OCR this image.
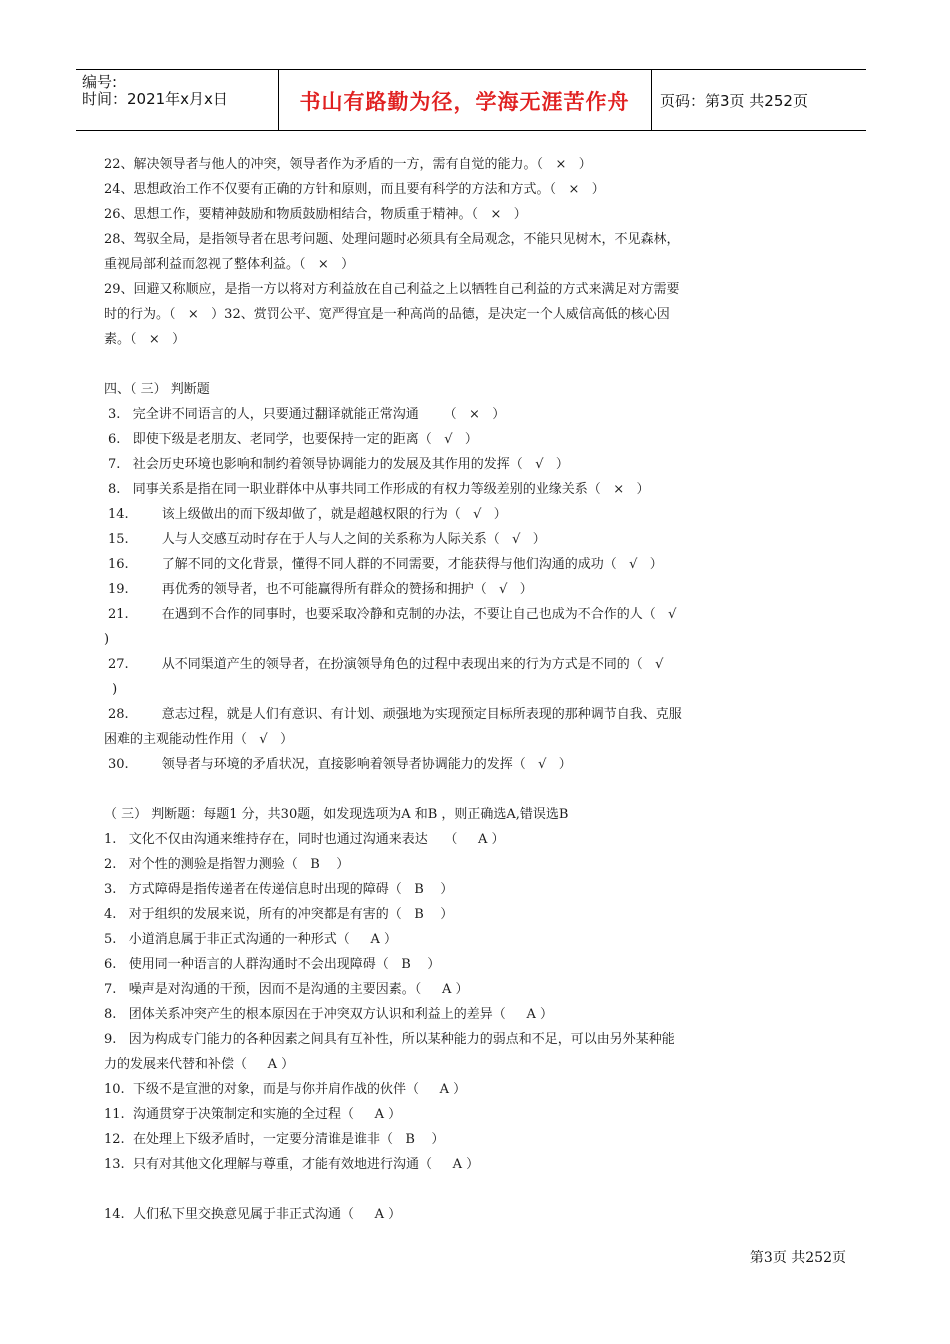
编号:
时间：2021年x月x日	书山有路勤为径，学海无涯苦作舟	页码：第3页 共252页
22、解决领导者与他人的冲突，领导者作为矛盾的一方，需有自觉的能力。（   ×   ）
24、思想政治工作不仅要有正确的方针和原则，而且要有科学的方法和方式。（   ×   ）
26、思想工作，要精神鼓励和物质鼓励相结合，物质重于精神。（   ×   ）
28、驾驭全局，是指领导者在思考问题、处理问题时必须具有全局观念，不能只见树木，不见森林，
重视局部利益而忽视了整体利益。（   ×   ）
29、回避又称顺应，是指一方以将对方利益放在自己利益之上以牺牲自己利益的方式来满足对方需要
时的行为。（   ×   ）32、赏罚公平、宽严得宜是一种高尚的品德，是决定一个人威信高低的核心因
素。（   ×   ）
四、（ 三） 判断题
3.   完全讲不同语言的人，只要通过翻译就能正常沟通      （   ×   ）
6.   即使下级是老朋友、老同学，也要保持一定的距离（   √   ）
7.   社会历史环境也影响和制约着领导协调能力的发展及其作用的发挥（   √   ）
8.   同事关系是指在同一职业群体中从事共同工作形成的有权力等级差别的业缘关系（   ×   ）
14.        该上级做出的而下级却做了，就是超越权限的行为（   √   ）
15.        人与人交感互动时存在于人与人之间的关系称为人际关系（   √   ）
16.        了解不同的文化背景，懂得不同人群的不同需要，才能获得与他们沟通的成功（   √   ）
19.        再优秀的领导者，也不可能赢得所有群众的赞扬和拥护（   √   ）
21.        在遇到不合作的同事时，也要采取冷静和克制的办法，不要让自己也成为不合作的人（   √
)
27.        从不同渠道产生的领导者，在扮演领导角色的过程中表现出来的行为方式是不同的（   √
)
28.        意志过程，就是人们有意识、有计划、顽强地为实现预定目标所表现的那种调节自我、克服
困难的主观能动性作用（   √   ）
30.        领导者与环境的矛盾状况，直接影响着领导者协调能力的发挥（   √   ）
（ 三） 判断题：每题1 分，共30题，如发现选项为A 和B ，则正确选A,错误选B
1.   文化不仅由沟通来维持存在，同时也通过沟通来表达    （     A ）
2.   对个性的测验是指智力测验（   B    ）
3.   方式障碍是指传递者在传递信息时出现的障碍（   B    ）
4.   对于组织的发展来说，所有的冲突都是有害的（   B    ）
5.   小道消息属于非正式沟通的一种形式（     A ）
6.   使用同一种语言的人群沟通时不会出现障碍（   B    ）
7.   噪声是对沟通的干预，因而不是沟通的主要因素。（     A ）
8.   团体关系冲突产生的根本原因在于冲突双方认识和利益上的差异（     A ）
9.   因为构成专门能力的各种因素之间具有互补性，所以某种能力的弱点和不足，可以由另外某种能
力的发展来代替和补偿（     A ）
10.  下级不是宣泄的对象，而是与你并肩作战的伙伴（     A ）
11.  沟通贯穿于决策制定和实施的全过程（     A ）
12.  在处理上下级矛盾时，一定要分清谁是谁非（   B    ）
13.  只有对其他文化理解与尊重，才能有效地进行沟通（     A ）
14.  人们私下里交换意见属于非正式沟通（     A ）
第3页 共252页
